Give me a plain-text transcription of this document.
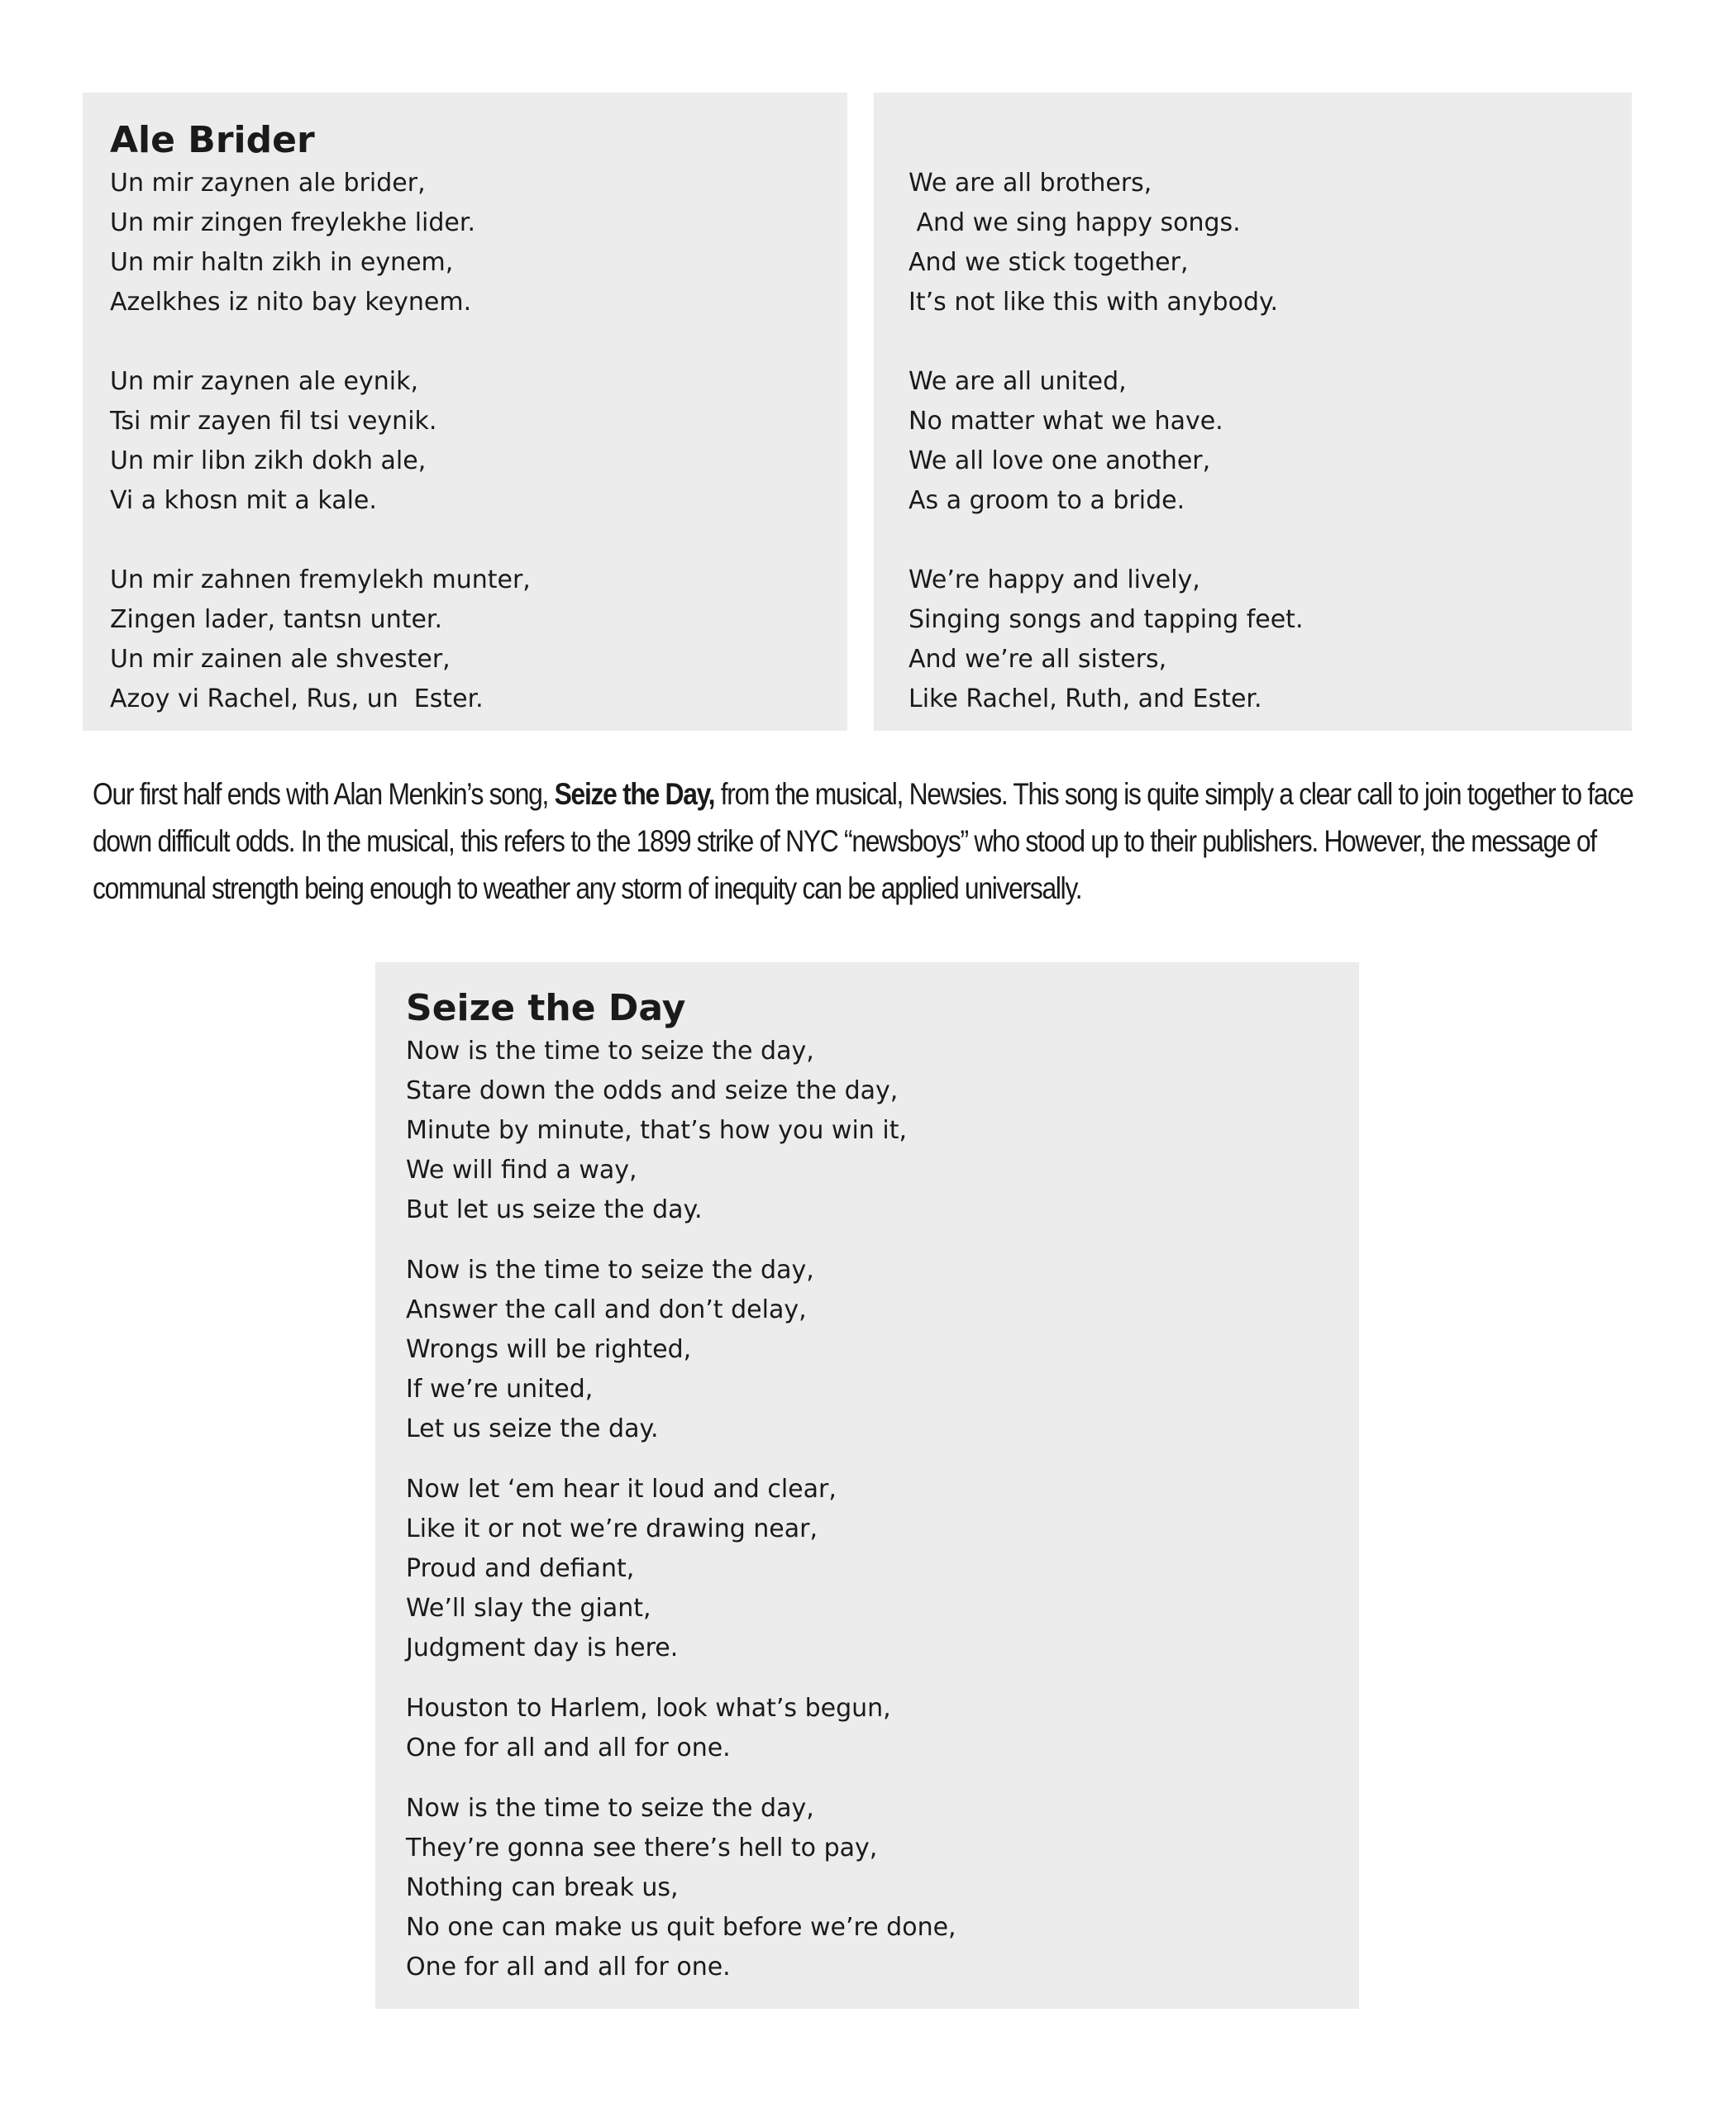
Ale Brider

Un mir zaynen ale brider,

Un mir zingen freylekhe lider.

Un mir haltn zikh in eynem,

Azelkhes iz nito bay keynem.

Un mir zaynen ale eynik,

Tsi mir zayen fil tsi veynik.

Un mir libn zikh dokh ale,

Vi a khosn mit a kale.

Un mir zahnen fremylekh munter,

Zingen lader, tantsn unter.

Un mir zainen ale shvester,

Azoy vi Rachel, Rus, un  Ester.

We are all brothers,

And we sing happy songs.

And we stick together,

It’s not like this with anybody.

We are all united,

No matter what we have.

We all love one another,

As a groom to a bride.

We’re happy and lively,

Singing songs and tapping feet.

And we’re all sisters,

Like Rachel, Ruth, and Ester.

Our first half ends with Alan Menkin’s song, Seize the Day, from the musical, Newsies. This song is quite simply a clear call to join together to face down difficult odds. In the musical, this refers to the 1899 strike of NYC “newsboys” who stood up to their publishers. However, the message of communal strength being enough to weather any storm of inequity can be applied universally.

Seize the Day

Now is the time to seize the day,

Stare down the odds and seize the day,

Minute by minute, that’s how you win it,

We will find a way,

But let us seize the day.

Now is the time to seize the day,

Answer the call and don’t delay,

Wrongs will be righted,

If we’re united,

Let us seize the day.

Now let ‘em hear it loud and clear,

Like it or not we’re drawing near,

Proud and defiant,

We’ll slay the giant,

Judgment day is here.

Houston to Harlem, look what’s begun,

One for all and all for one.

Now is the time to seize the day,

They’re gonna see there’s hell to pay,

Nothing can break us,

No one can make us quit before we’re done,

One for all and all for one.
